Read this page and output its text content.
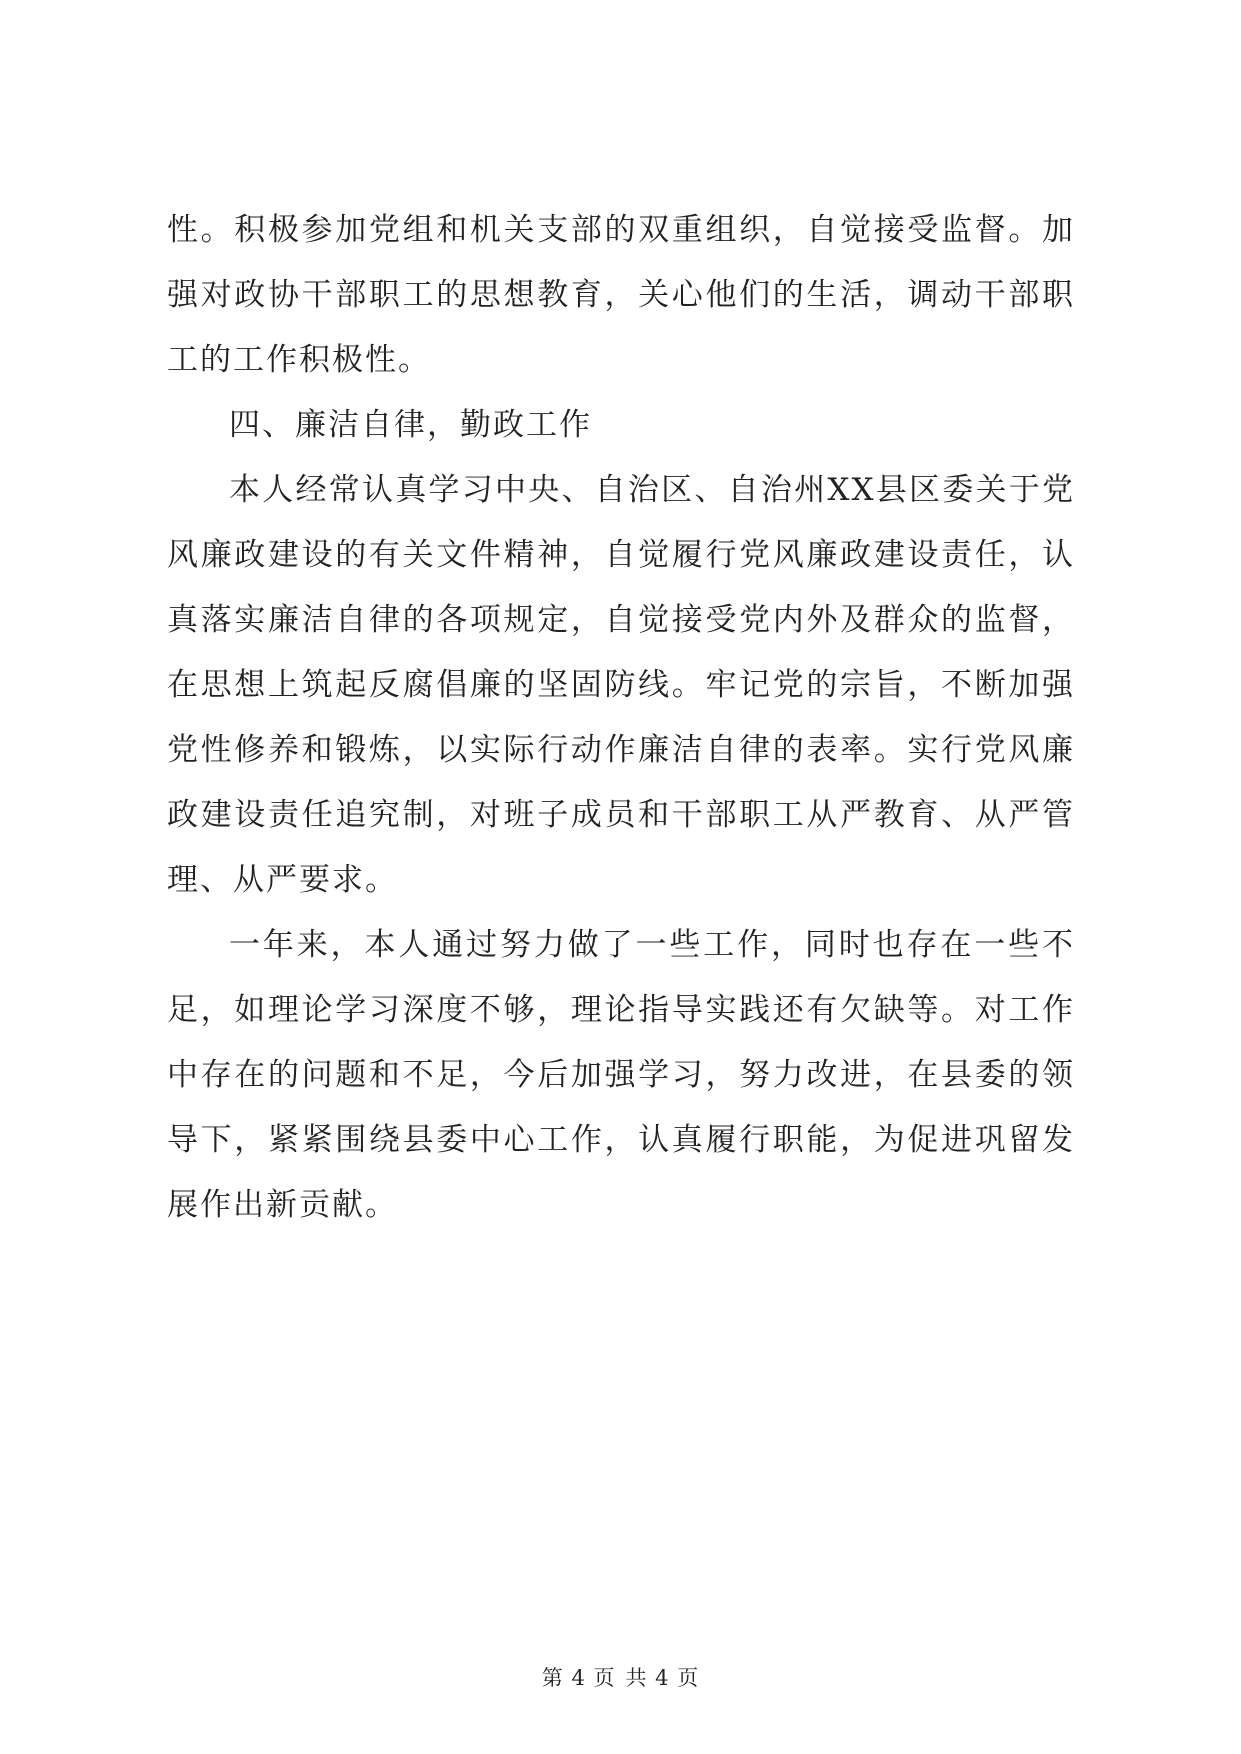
性。积极参加党组和机关支部的双重组织，自觉接受监督。加强对政协干部职工的思想教育，关心他们的生活，调动干部职工的工作积极性。

四、廉洁自律，勤政工作

本人经常认真学习中央、自治区、自治州XX县区委关于党风廉政建设的有关文件精神，自觉履行党风廉政建设责任，认真落实廉洁自律的各项规定，自觉接受党内外及群众的监督，在思想上筑起反腐倡廉的坚固防线。牢记党的宗旨，不断加强党性修养和锻炼，以实际行动作廉洁自律的表率。实行党风廉政建设责任追究制，对班子成员和干部职工从严教育、从严管理、从严要求。

一年来，本人通过努力做了一些工作，同时也存在一些不足，如理论学习深度不够，理论指导实践还有欠缺等。对工作中存在的问题和不足，今后加强学习，努力改进，在县委的领导下，紧紧围绕县委中心工作，认真履行职能，为促进巩留发展作出新贡献。

第 4 页 共 4 页
